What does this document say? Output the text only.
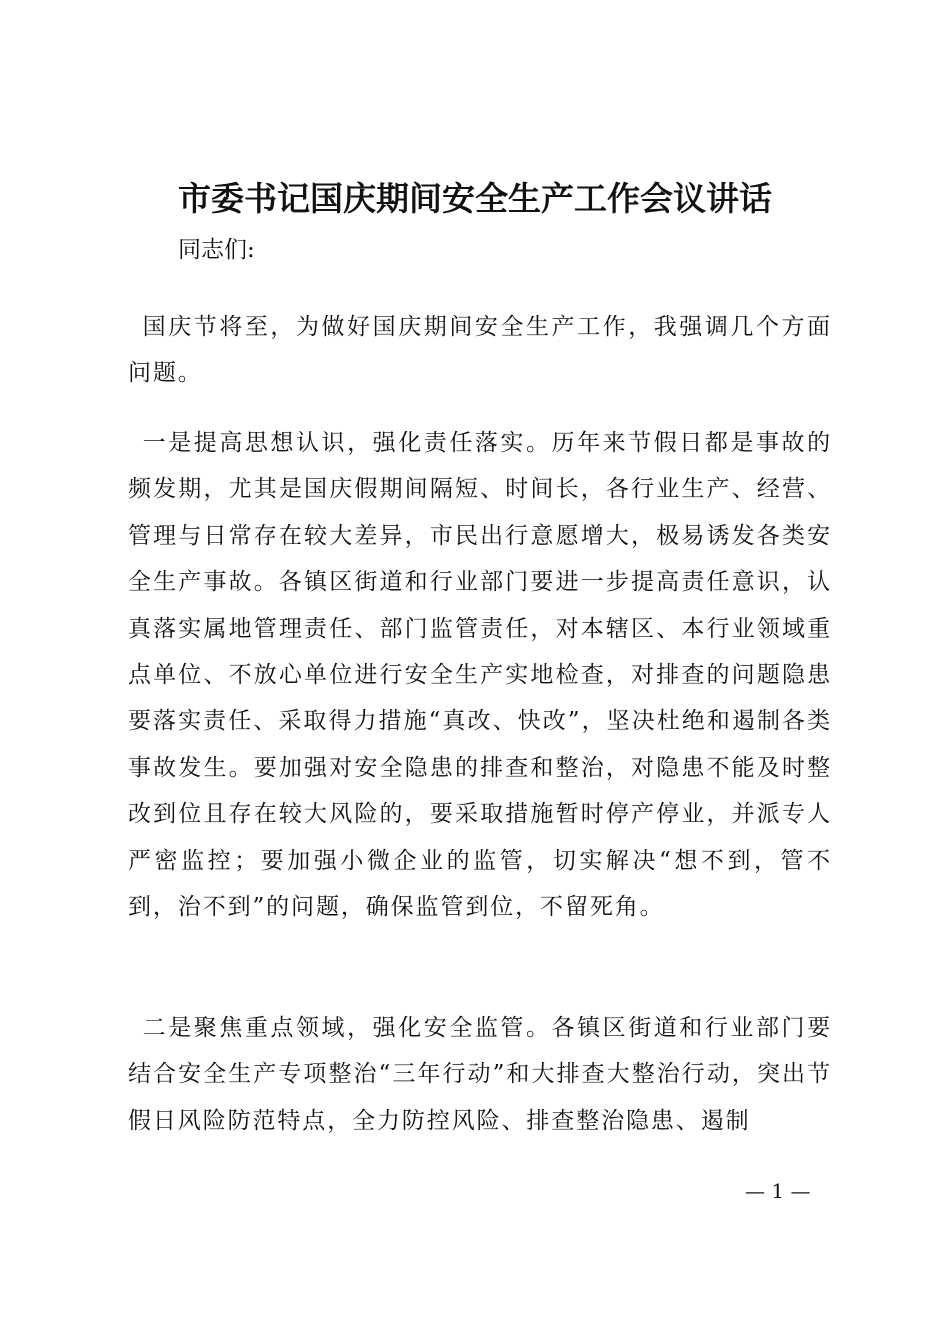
市委书记国庆期间安全生产工作会议讲话

同志们:

国庆节将至，为做好国庆期间安全生产工作，我强调几个方面问题。

一是提高思想认识，强化责任落实。历年来节假日都是事故的频发期，尤其是国庆假期间隔短、时间长，各行业生产、经营、管理与日常存在较大差异，市民出行意愿增大，极易诱发各类安全生产事故。各镇区街道和行业部门要进一步提高责任意识，认真落实属地管理责任、部门监管责任，对本辖区、本行业领域重点单位、不放心单位进行安全生产实地检查，对排查的问题隐患要落实责任、采取得力措施“真改、快改”，坚决杜绝和遏制各类事故发生。要加强对安全隐患的排查和整治，对隐患不能及时整改到位且存在较大风险的，要采取措施暂时停产停业，并派专人严密监控；要加强小微企业的监管，切实解决“想不到，管不到，治不到”的问题，确保监管到位，不留死角。

二是聚焦重点领域，强化安全监管。各镇区街道和行业部门要结合安全生产专项整治“三年行动”和大排查大整治行动，突出节假日风险防范特点，全力防控风险、排查整治隐患、遏制

— 1 —
